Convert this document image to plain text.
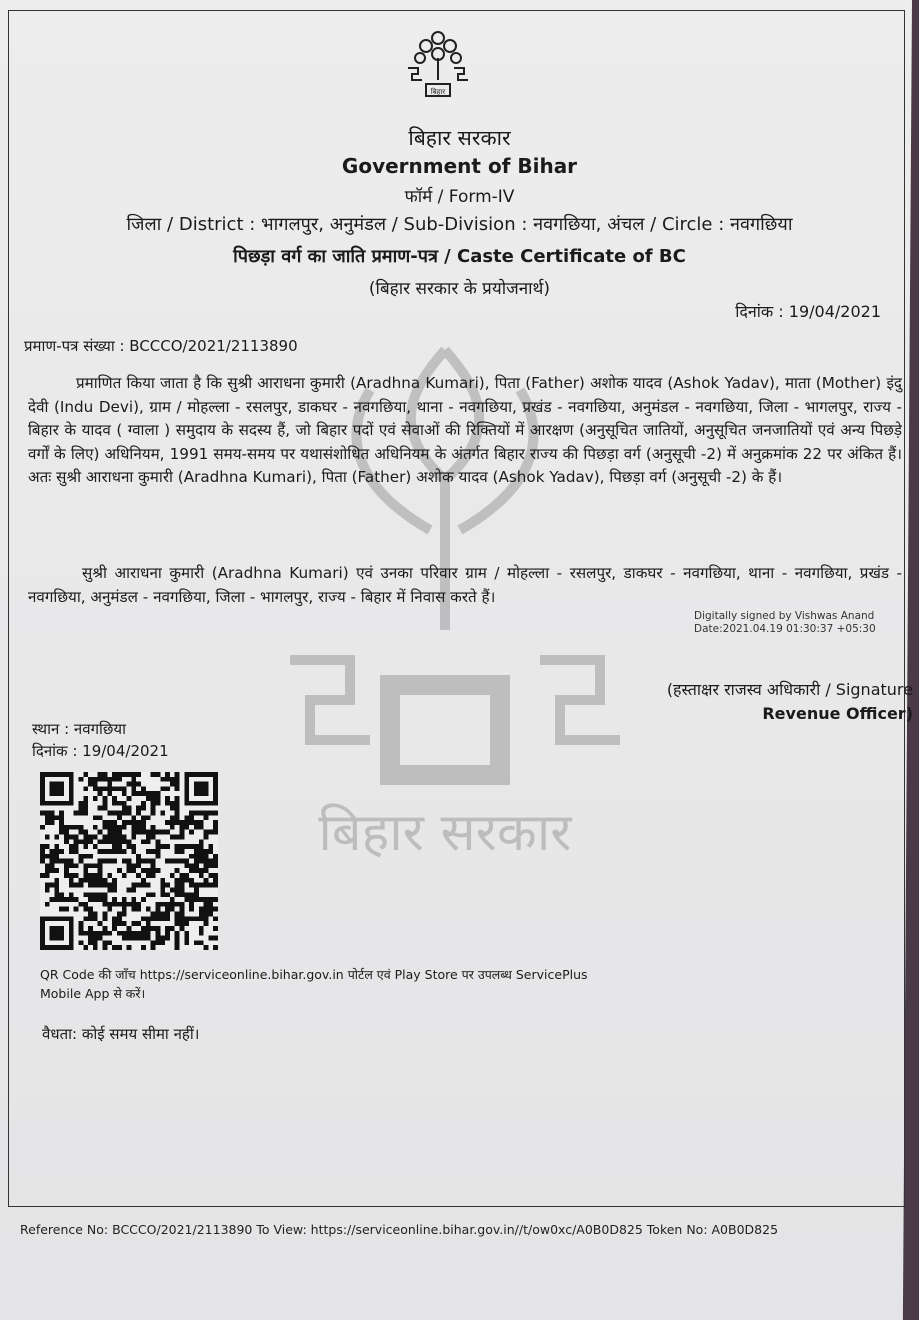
बिहार सरकार
बिहार
बिहार सरकार
Government of Bihar
फॉर्म / Form-IV
जिला / District : भागलपुर, अनुमंडल / Sub-Division : नवगछिया, अंचल / Circle : नवगछिया
पिछड़ा वर्ग का जाति प्रमाण-पत्र / Caste Certificate of BC
(बिहार सरकार के प्रयोजनार्थ)
दिनांक : 19/04/2021
प्रमाण-पत्र संख्या : BCCCO/2021/2113890
प्रमाणित किया जाता है कि सुश्री आराधना कुमारी (Aradhna Kumari), पिता (Father) अशोक यादव (Ashok Yadav), माता (Mother) इंदु देवी (Indu Devi), ग्राम / मोहल्ला - रसलपुर, डाकघर - नवगछिया, थाना - नवगछिया, प्रखंड - नवगछिया, अनुमंडल - नवगछिया, जिला - भागलपुर, राज्य - बिहार के यादव ( ग्वाला ) समुदाय के सदस्य हैं, जो बिहार पदों एवं सेवाओं की रिक्तियों में आरक्षण (अनुसूचित जातियों, अनुसूचित जनजातियों एवं अन्य पिछड़े वर्गों के लिए) अधिनियम, 1991 समय-समय पर यथासंशोधित अधिनियम के अंतर्गत बिहार राज्य की पिछड़ा वर्ग (अनुसूची -2) में अनुक्रमांक 22 पर अंकित हैं। अतः सुश्री आराधना कुमारी (Aradhna Kumari), पिता (Father) अशोक यादव (Ashok Yadav), पिछड़ा वर्ग (अनुसूची -2) के हैं।
सुश्री आराधना कुमारी (Aradhna Kumari) एवं उनका परिवार ग्राम / मोहल्ला - रसलपुर, डाकघर - नवगछिया, थाना - नवगछिया, प्रखंड - नवगछिया, अनुमंडल - नवगछिया, जिला - भागलपुर, राज्य - बिहार में निवास करते हैं।
Digitally signed by Vishwas Anand
Date:2021.04.19 01:30:37 +05:30
(हस्ताक्षर राजस्व अधिकारी / Signature
Revenue Officer)
स्थान : नवगछिया
दिनांक : 19/04/2021
QR Code की जाँच https://serviceonline.bihar.gov.in पोर्टल एवं Play Store पर उपलब्ध ServicePlus Mobile App से करें।
वैधता: कोई समय सीमा नहीं।
Reference No: BCCCO/2021/2113890 To View: https://serviceonline.bihar.gov.in//t/ow0xc/A0B0D825 Token No: A0B0D825
